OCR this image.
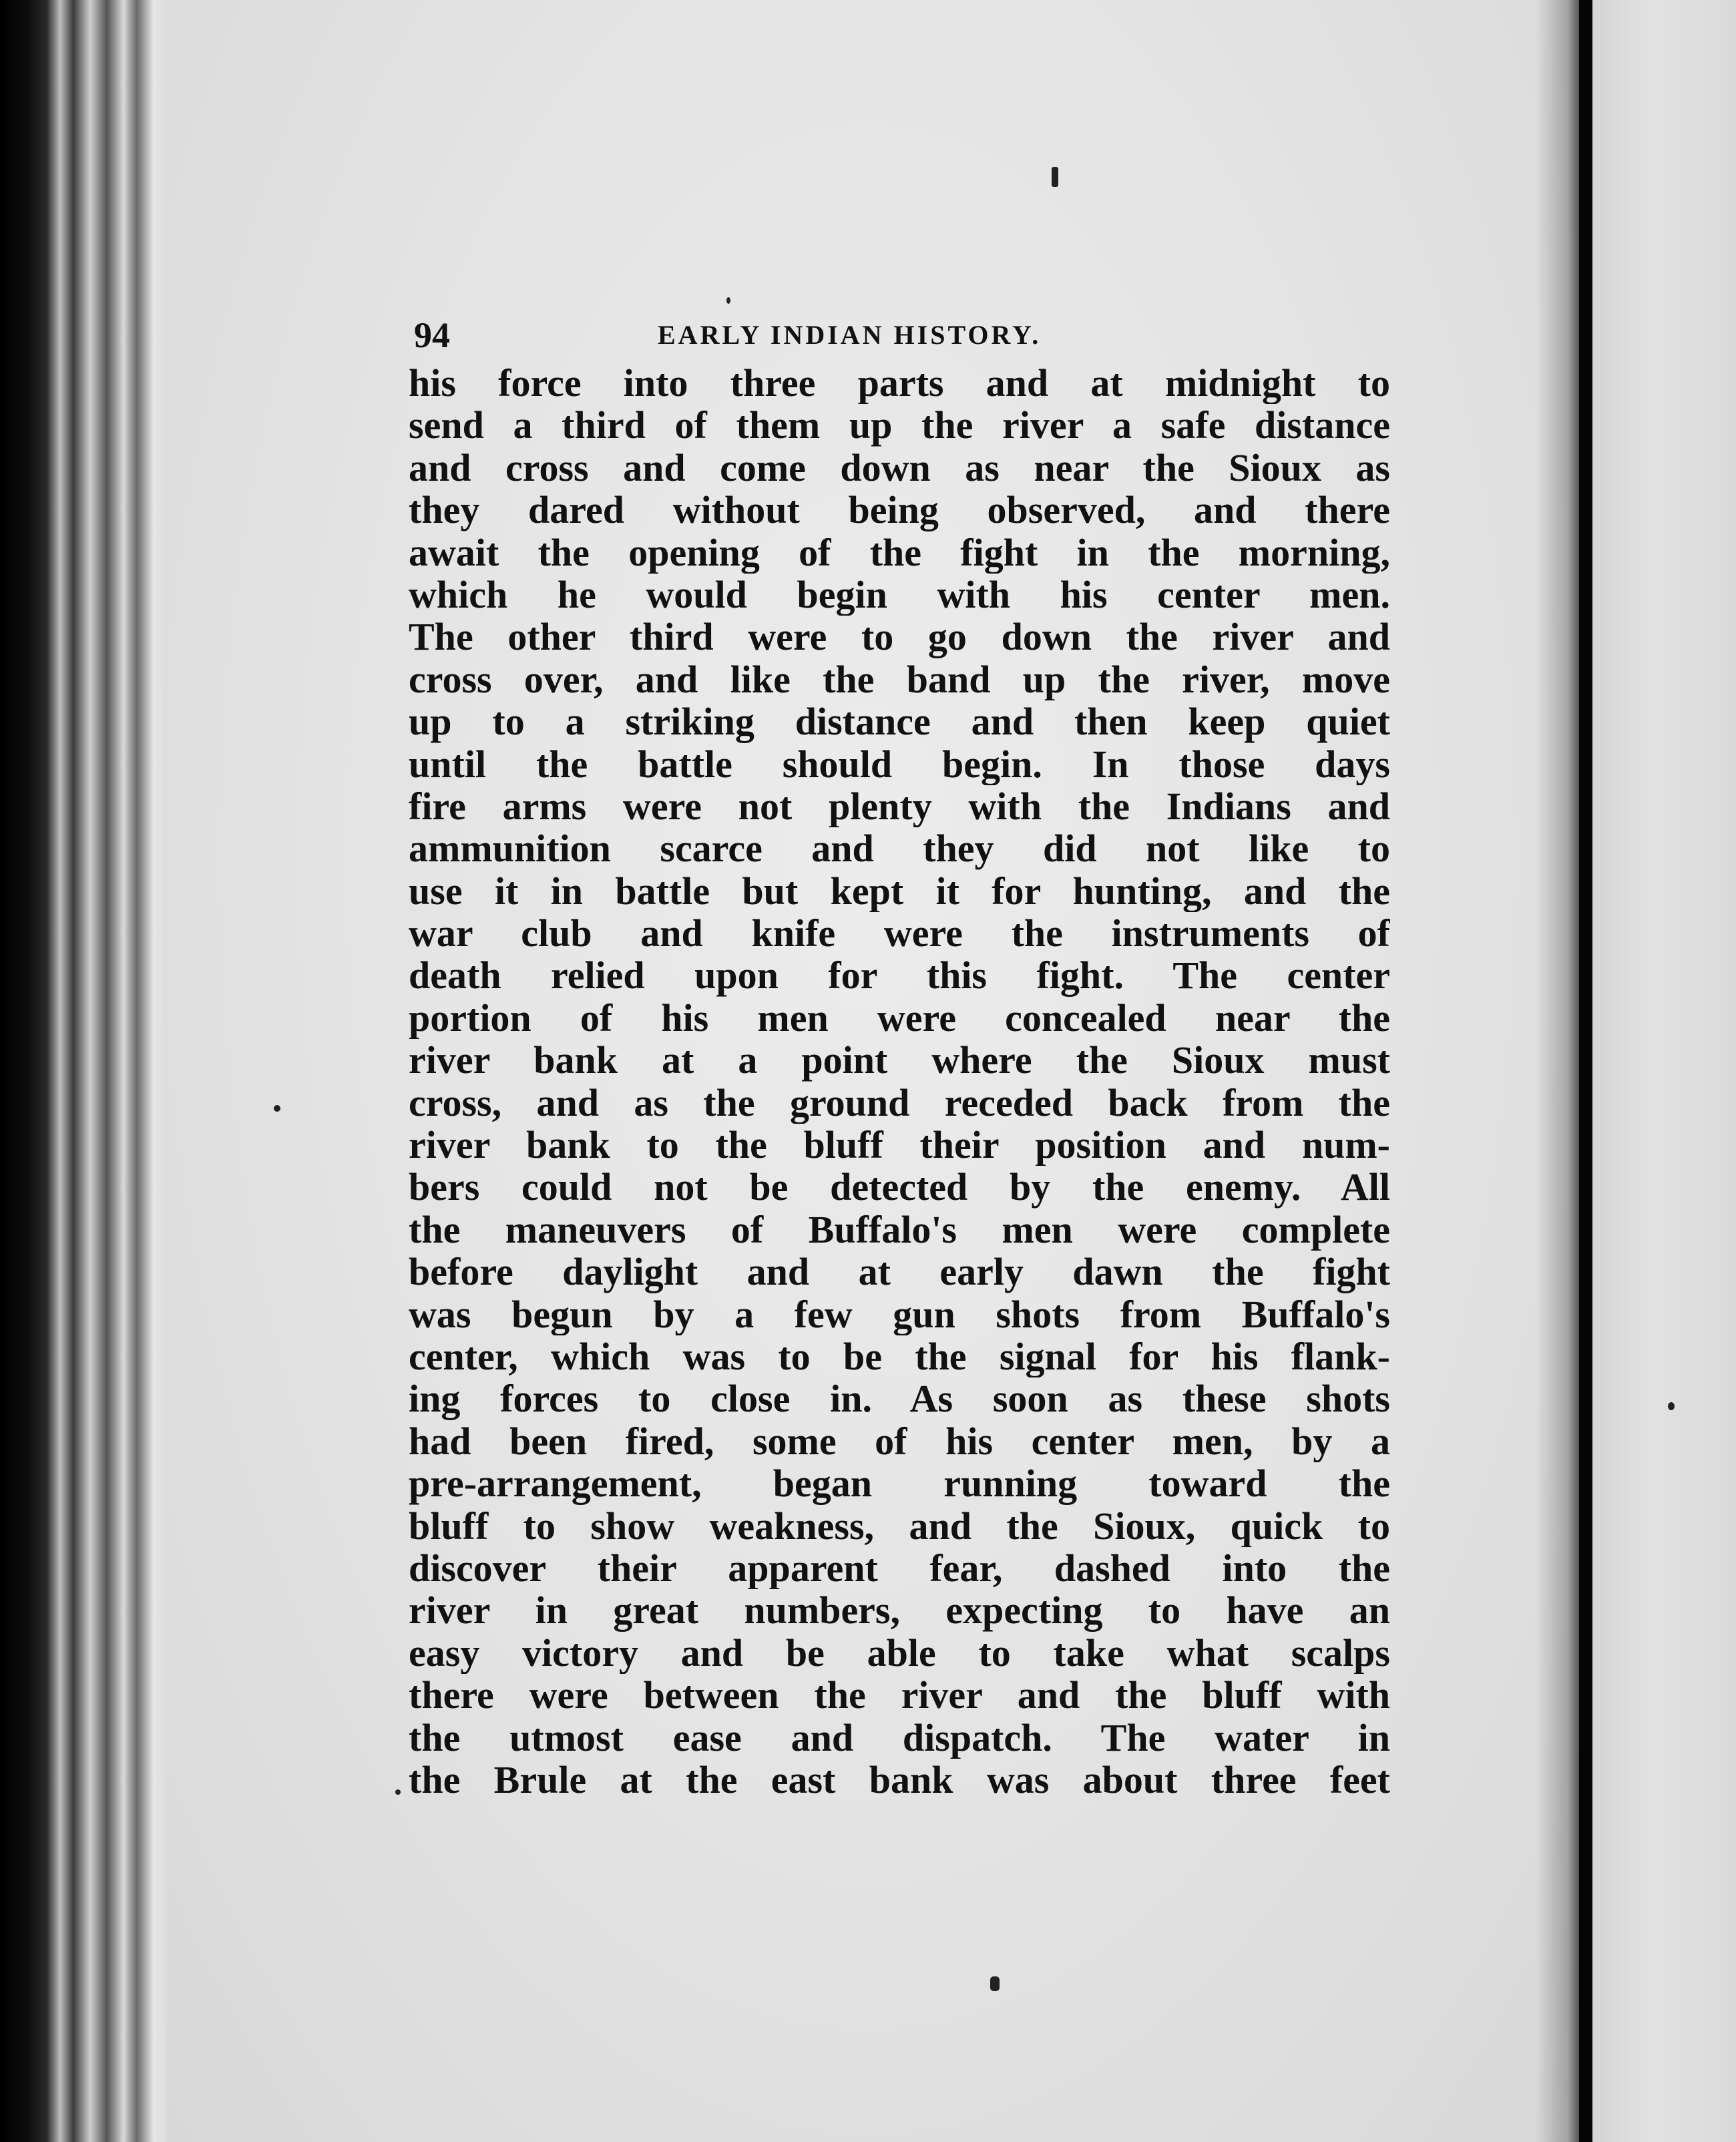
94	EARLY INDIAN HISTORY.
his force into three parts and at midnight to
send a third of them up the river a safe distance
and cross and come down as near the Sioux as
they dared without being observed, and there
await the opening of the fight in the morning,
which he would begin with his center men.
The other third were to go down the river and
cross over, and like the band up the river, move
up to a striking distance and then keep quiet
until the battle should begin. In those days
fire arms were not plenty with the Indians and
ammunition scarce and they did not like to
use it in battle but kept it for hunting, and the
war club and knife were the instruments of
death relied upon for this fight. The center
portion of his men were concealed near the
river bank at a point where the Sioux must
cross, and as the ground receded back from the
river bank to the bluff their position and num-
bers could not be detected by the enemy. All
the maneuvers of Buffalo's men were complete
before daylight and at early dawn the fight
was begun by a few gun shots from Buffalo's
center, which was to be the signal for his flank-
ing forces to close in. As soon as these shots
had been fired, some of his center men, by a
pre-arrangement, began running toward the
bluff to show weakness, and the Sioux, quick to
discover their apparent fear, dashed into the
river in great numbers, expecting to have an
easy victory and be able to take what scalps
there were between the river and the bluff with
the utmost ease and dispatch. The water in
the Brule at the east bank was about three feet
